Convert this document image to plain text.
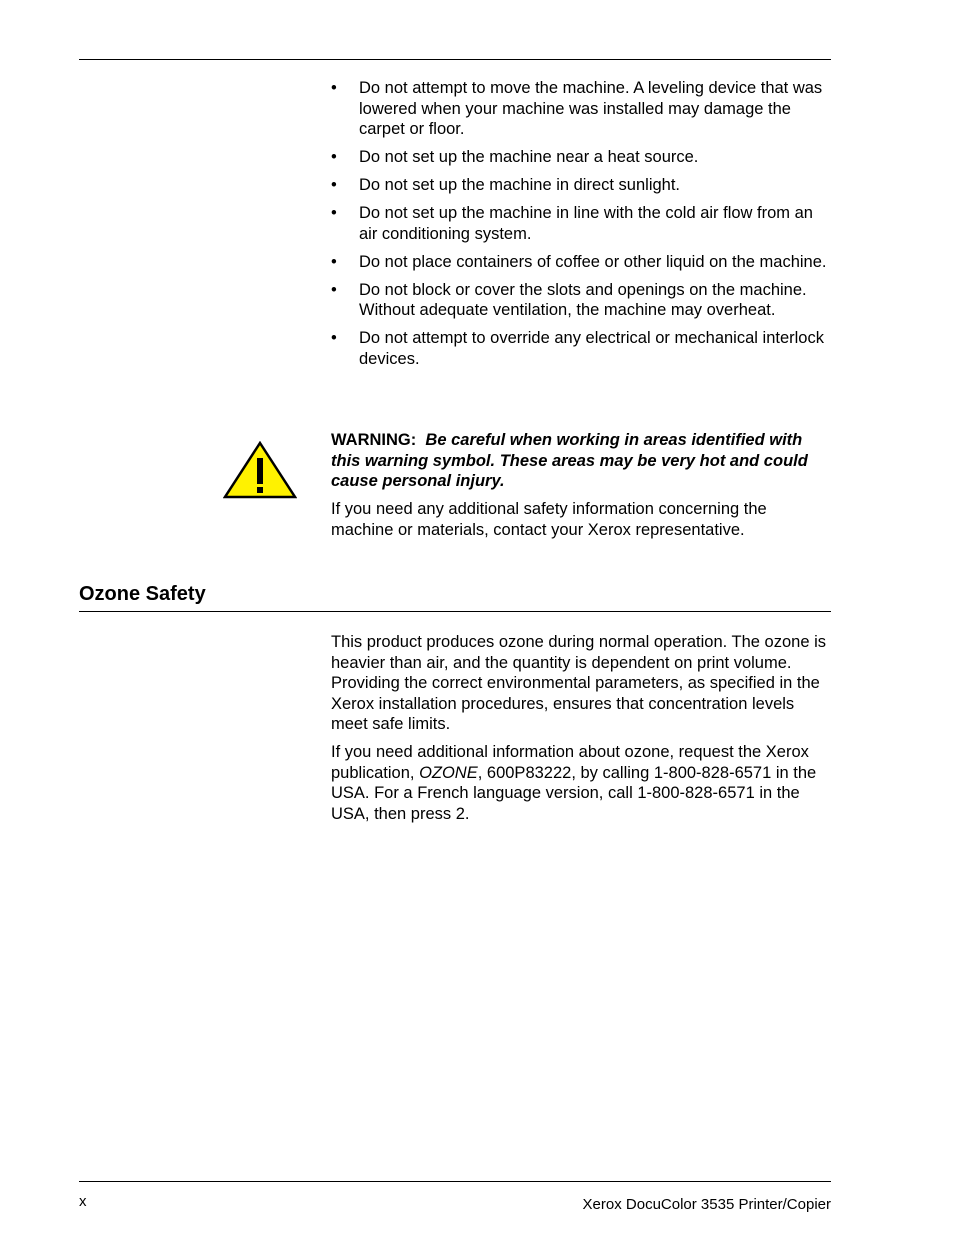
• Do not attempt to move the machine. A leveling device that was lowered when your machine was installed may damage the carpet or floor.
• Do not set up the machine near a heat source.
• Do not set up the machine in direct sunlight.
• Do not set up the machine in line with the cold air flow from an air conditioning system.
• Do not place containers of coffee or other liquid on the machine.
• Do not block or cover the slots and openings on the machine. Without adequate ventilation, the machine may overheat.
• Do not attempt to override any electrical or mechanical interlock devices.

WARNING: Be careful when working in areas identified with this warning symbol. These areas may be very hot and could cause personal injury.

If you need any additional safety information concerning the machine or materials, contact your Xerox representative.

Ozone Safety

This product produces ozone during normal operation. The ozone is heavier than air, and the quantity is dependent on print volume. Providing the correct environmental parameters, as specified in the Xerox installation procedures, ensures that concentration levels meet safe limits.

If you need additional information about ozone, request the Xerox publication, OZONE, 600P83222, by calling 1-800-828-6571 in the USA. For a French language version, call 1-800-828-6571 in the USA, then press 2.

x	Xerox DocuColor 3535 Printer/Copier
